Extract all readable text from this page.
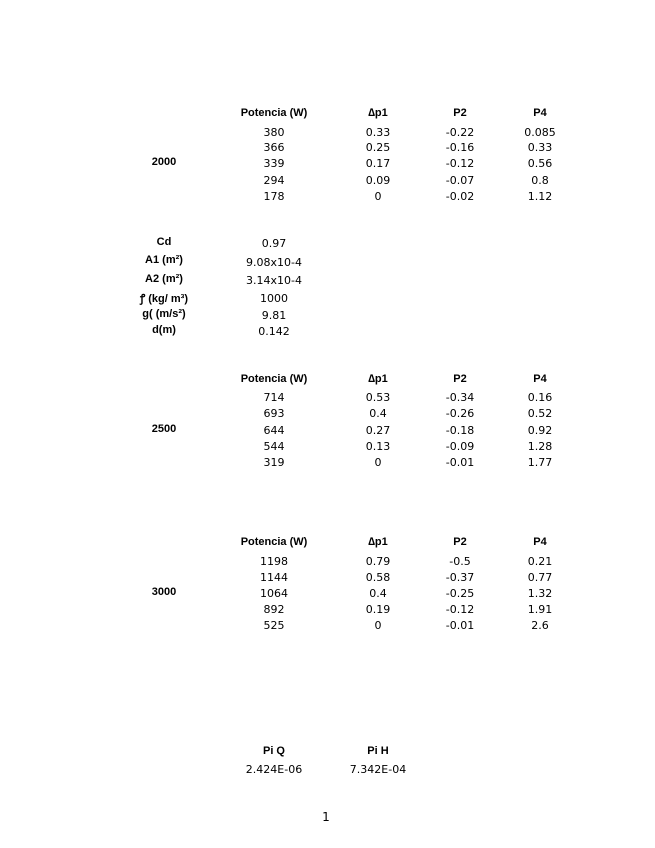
Potencia (W)	∆p1	P2	P4
2000
380	0.33	-0.22	0.085
366	0.25	-0.16	0.33
339	0.17	-0.12	0.56
294	0.09	-0.07	0.8
178	0	-0.02	1.12
Cd	0.97
A1 (m²)	9.08x10-4
A2 (m²)	3.14x10-4
ꝭ (kg/ m³)	1000
g( (m/s²)	9.81
d(m)	0.142
Potencia (W)	∆p1	P2	P4
2500
714	0.53	-0.34	0.16
693	0.4	-0.26	0.52
644	0.27	-0.18	0.92
544	0.13	-0.09	1.28
319	0	-0.01	1.77
Potencia (W)	∆p1	P2	P4
3000
1198	0.79	-0.5	0.21
1144	0.58	-0.37	0.77
1064	0.4	-0.25	1.32
892	0.19	-0.12	1.91
525	0	-0.01	2.6
Pi Q	Pi H
2.424E-06	7.342E-04
1
